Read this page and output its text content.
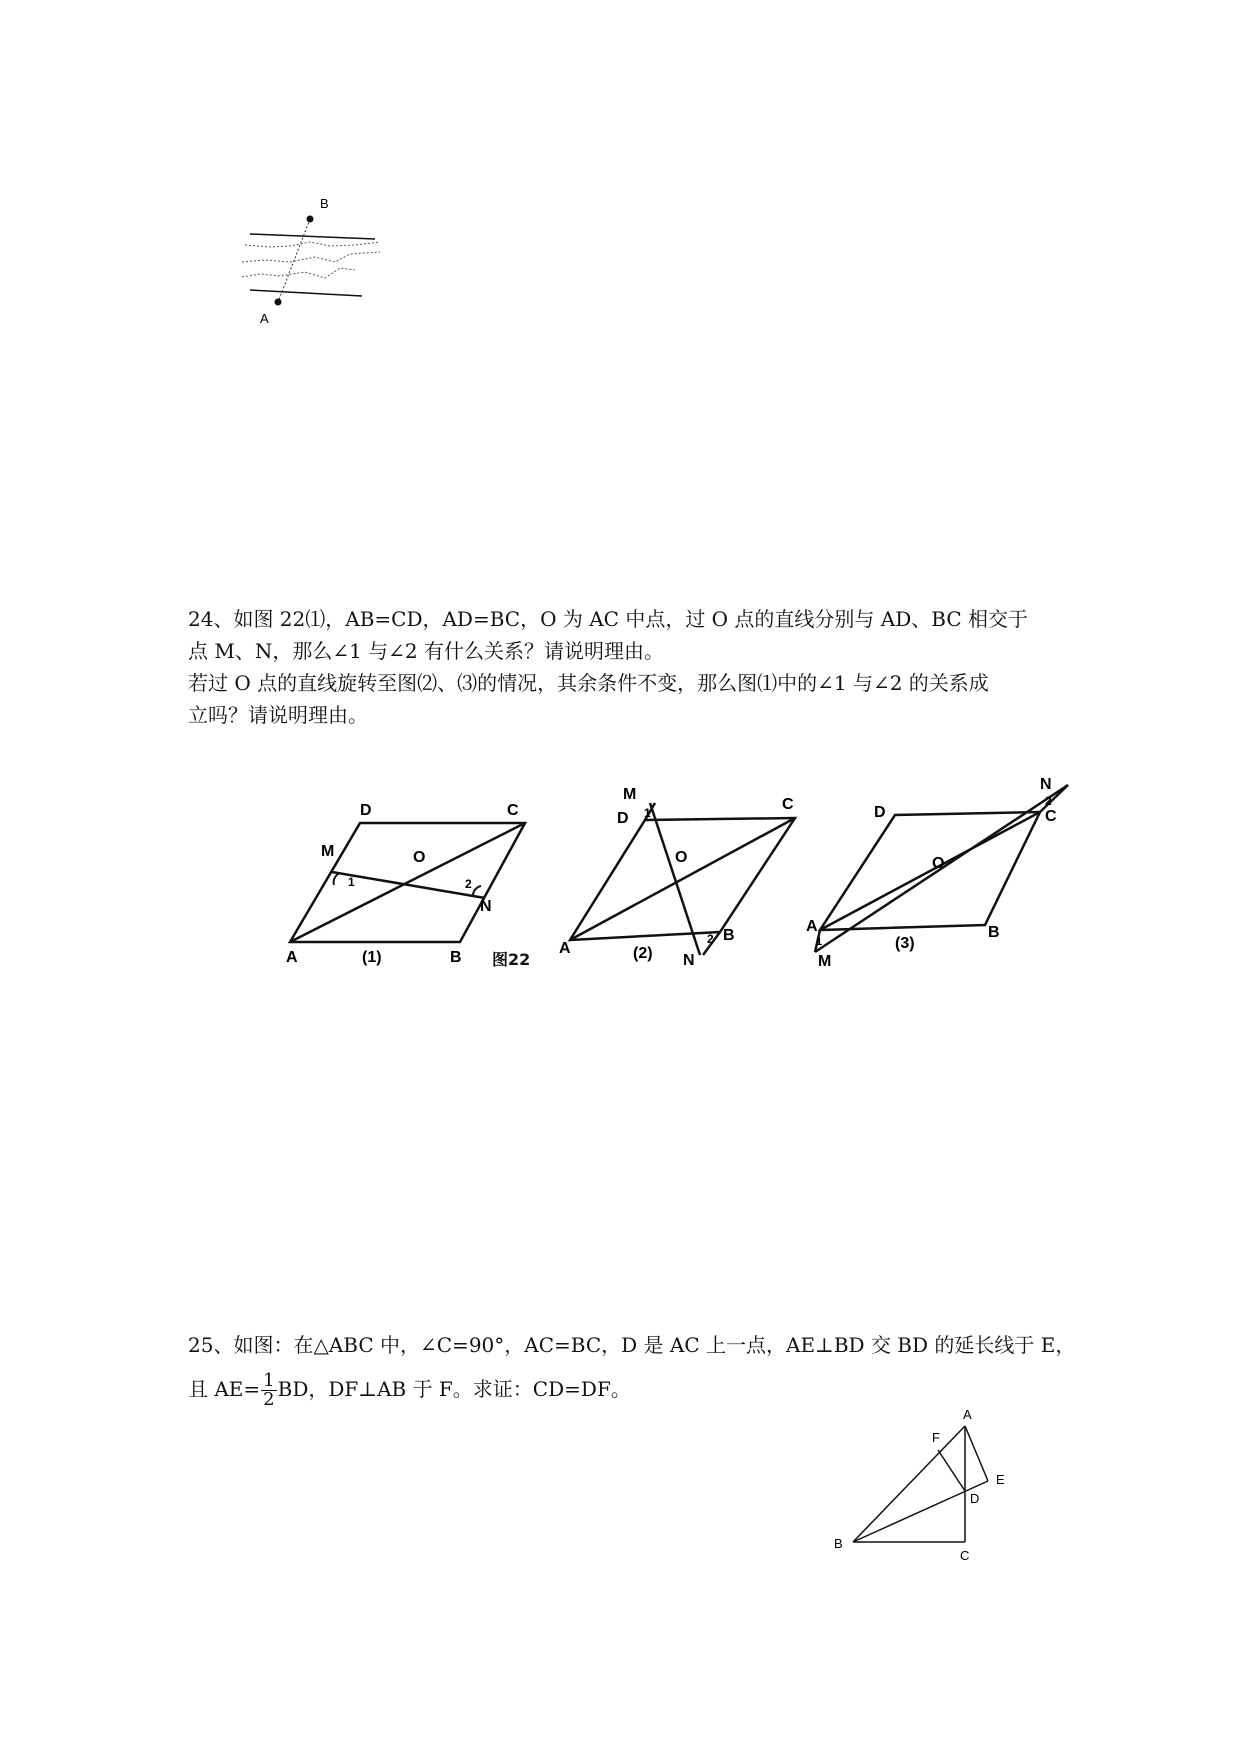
B
A
24、如图 22⑴，AB=CD，AD=BC，O 为 AC 中点，过 O 点的直线分别与 AD、BC 相交于
点 M、N，那么∠1 与∠2 有什么关系？请说明理由。
若过 O 点的直线旋转至图⑵、⑶的情况，其余条件不变，那么图⑴中的∠1 与∠2 的关系成
立吗？请说明理由。
D	C
M	O
N
A	B
1	2
(1)	图22
M
D
C
O
A
B
N
1
2
(2)
N
D	C
O
A	B
M
1
2
(3)
25、如图：在△ABC 中，∠C=90°，AC=BC，D 是 AC 上一点，AE⊥BD 交 BD 的延长线于 E，
且 $AE= \frac{1}{2}$ BD，DF⊥AB 于 F。求证：CD=DF。
A
F
E
D
B
C
